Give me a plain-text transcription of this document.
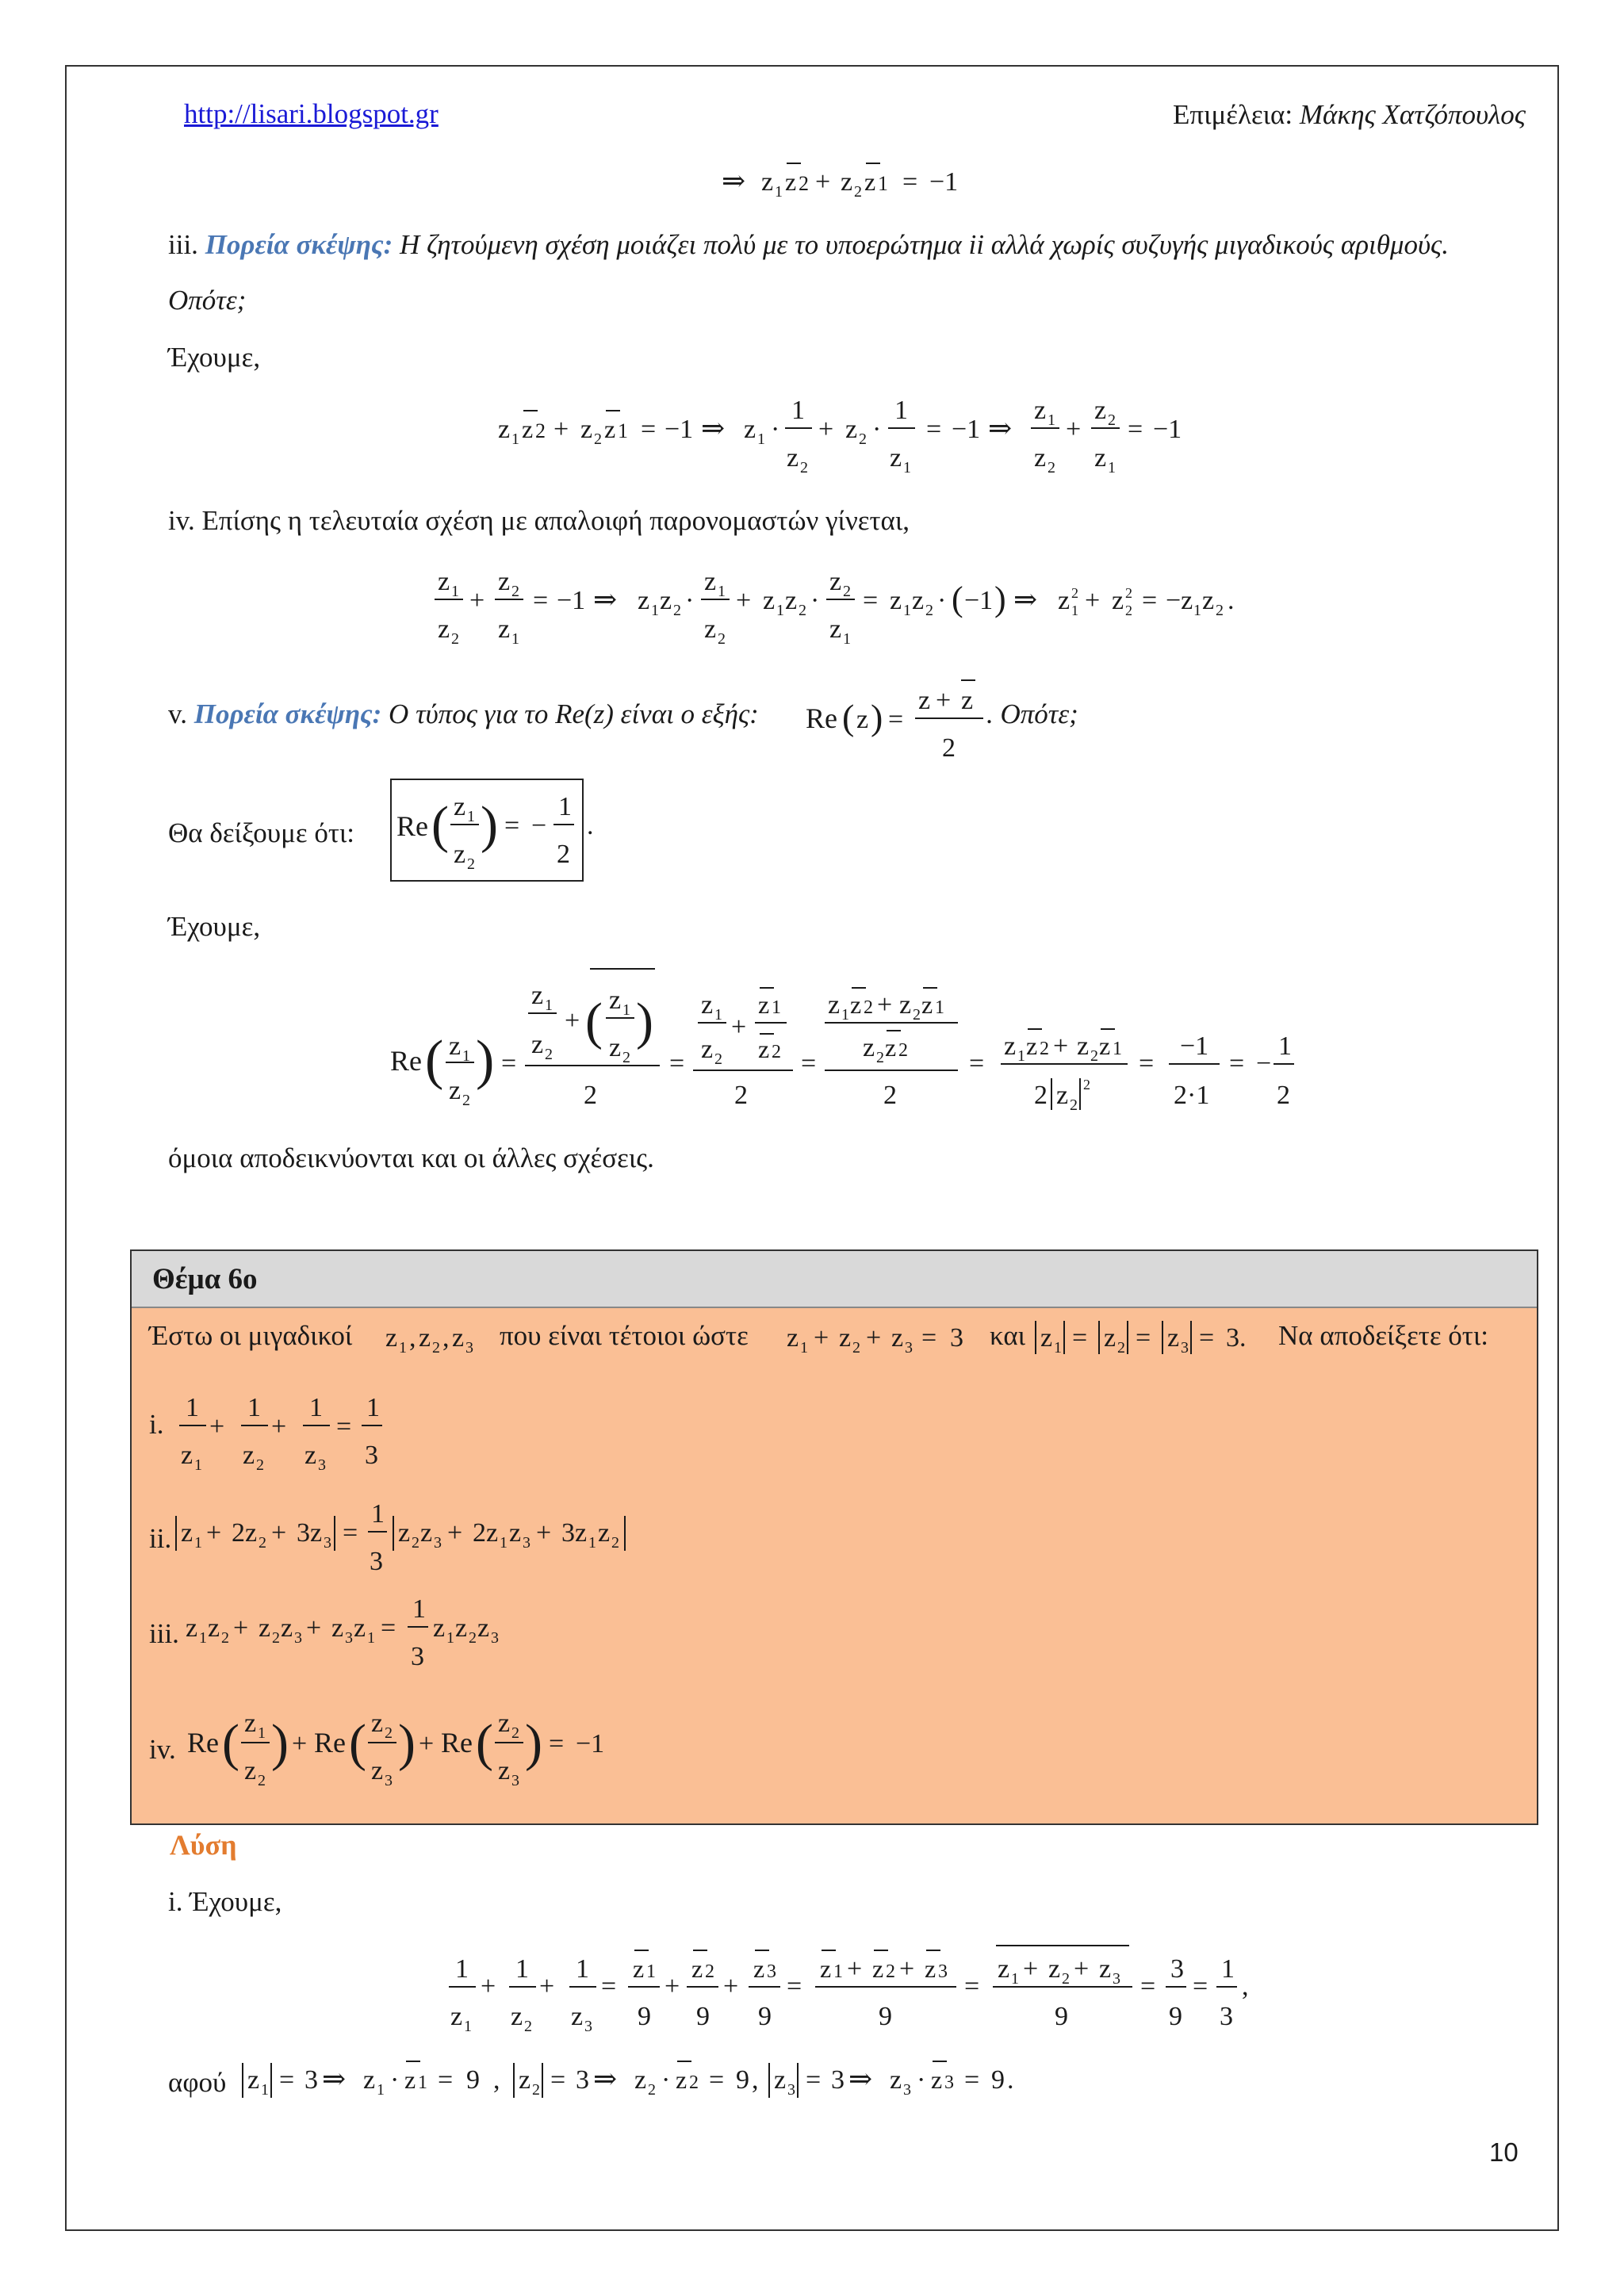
http://lisari.blogspot.gr	Επιμέλεια: Μάκης Χατζόπουλος
⇒ z 1 z 2 + z 2 z 1 = −1
iii. Πορεία σκέψης: Η ζητούμενη σχέση μοιάζει πολύ με το υποερώτημα ii αλλά χωρίς συζυγής μιγαδικούς αριθμούς.
Οπότε;
Έχουμε,
z 1 z 2 + z 2 z 1 = −1 ⇒ z 1 ·
1
z 2
+ z 2 ·
1
z 1
= −1 ⇒
z 1
z 2
+
z 2
z 1
= −1
iv. Επίσης η τελευταία σχέση με απαλοιφή παρονομαστών γίνεται,
z 1
z 2
+
z 2
z 1
= −1 ⇒ z 1 z 2 ·
z 1
z 2
+ z 1 z 2 ·
z 2
z 1
= z 1 z 2 · ( −1 ) ⇒ z 2
1 + z 2
2 = −z 1 z 2 .
v. Πορεία σκέψης: Ο τύπος για το Re(z) είναι ο εξής: Re ( z ) =
z + z
2
. Οπότε;
Θα δείξουμε ότι: Re ( z 1
z 2
) = −
1
2
.
Έχουμε,
Re ( z 1
z 2
) =
z 1
z 2
+ ( z 1
z 2
)
2
=
z 1
z 2
+
z 1
z 2
2
=
z 1 z 2 + z 2 z 1
z 2 z 2
2
=
z 1 z 2 + z 2 z 1
2 z 2
2
=
−1
2·1
= −
1
2
όμοια αποδεικνύονται και οι άλλες σχέσεις.
Θέμα 6ο
Έστω οι μιγαδικοί z 1 , z 2 , z 3 που είναι τέτοιοι ώστε z 1 + z 2 + z 3 = 3 και z 1 = z 2 = z 3 = 3. Να αποδείξετε ότι:
i.
1
z 1
+
1
z 2
+
1
z 3
=
1
3
ii. z 1 + 2z 2 + 3z 3 =
1
3
z 2 z 3 + 2z 1 z 3 + 3z 1 z 2
iii. z 1 z 2 + z 2 z 3 + z 3 z 1 =
1
3
z 1 z 2 z 3
iv. Re ( z 1
z 2
) + Re ( z 2
z 3
) + Re ( z 2
z 3
) = −1
Λύση
i. Έχουμε,
1
z 1
+
1
z 2
+
1
z 3
=
z 1
9
+
z 2
9
+
z 3
9
=
z 1 + z 2 + z 3
9
=
z 1 + z 2 + z 3
9
=
3
9
=
1
3
,
αφού z 1 = 3 ⇒ z 1 · z 1 = 9 , z 2 = 3 ⇒ z 2 · z 2 = 9 , z 3 = 3 ⇒ z 3 · z 3 = 9 .
10
